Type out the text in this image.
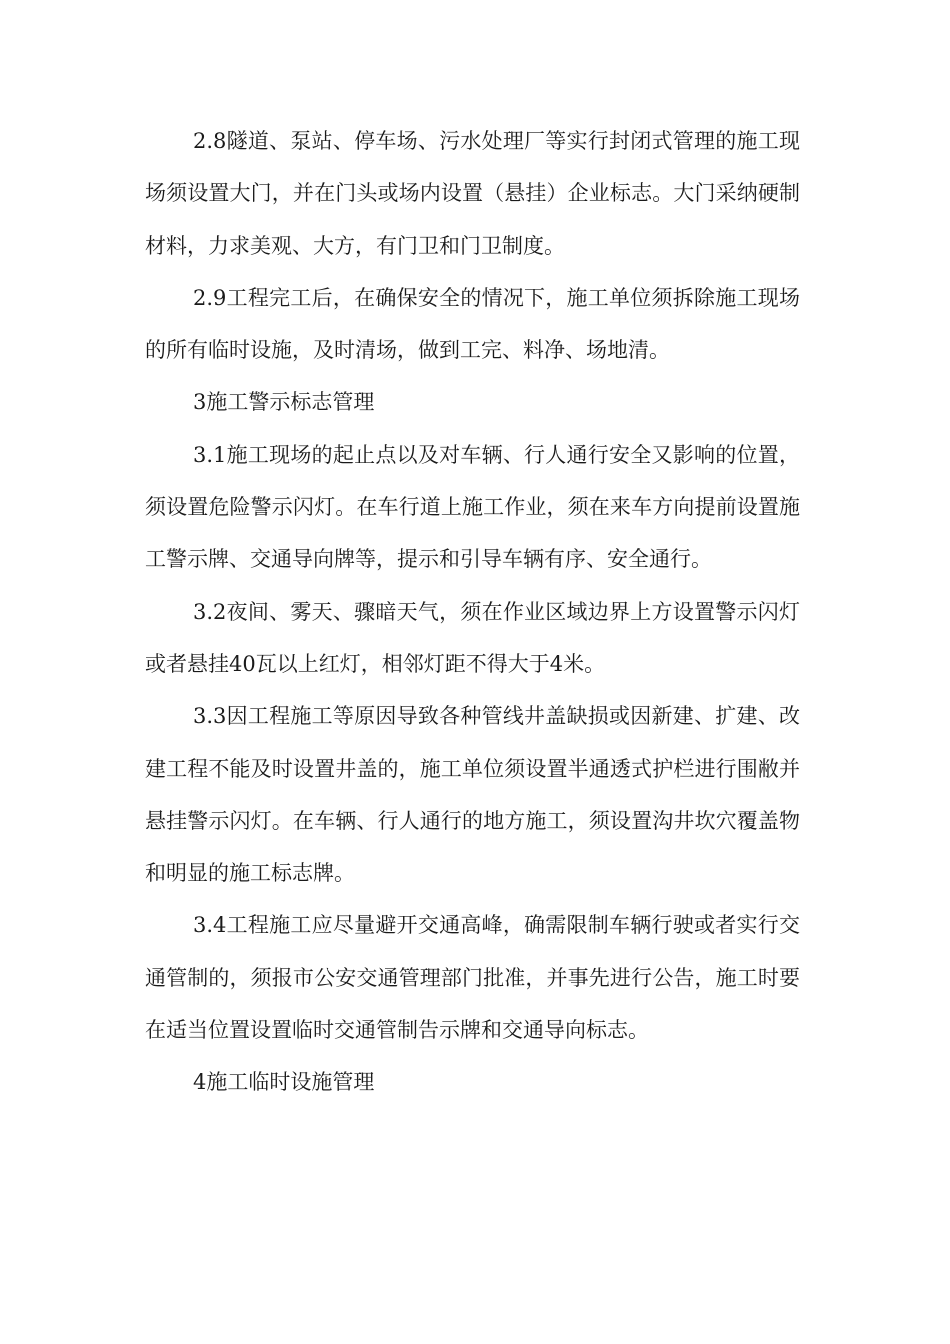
2.8隧道、泵站、停车场、污水处理厂等实行封闭式管理的施工现场须设置大门，并在门头或场内设置（悬挂）企业标志。大门采纳硬制材料，力求美观、大方，有门卫和门卫制度。

2.9工程完工后，在确保安全的情况下，施工单位须拆除施工现场的所有临时设施，及时清场，做到工完、料净、场地清。

3施工警示标志管理

3.1施工现场的起止点以及对车辆、行人通行安全又影响的位置，须设置危险警示闪灯。在车行道上施工作业，须在来车方向提前设置施工警示牌、交通导向牌等，提示和引导车辆有序、安全通行。

3.2夜间、雾天、骤暗天气，须在作业区域边界上方设置警示闪灯或者悬挂40瓦以上红灯，相邻灯距不得大于4米。

3.3因工程施工等原因导致各种管线井盖缺损或因新建、扩建、改建工程不能及时设置井盖的，施工单位须设置半通透式护栏进行围敝并悬挂警示闪灯。在车辆、行人通行的地方施工，须设置沟井坎穴覆盖物和明显的施工标志牌。

3.4工程施工应尽量避开交通高峰，确需限制车辆行驶或者实行交通管制的，须报市公安交通管理部门批准，并事先进行公告，施工时要在适当位置设置临时交通管制告示牌和交通导向标志。

4施工临时设施管理
